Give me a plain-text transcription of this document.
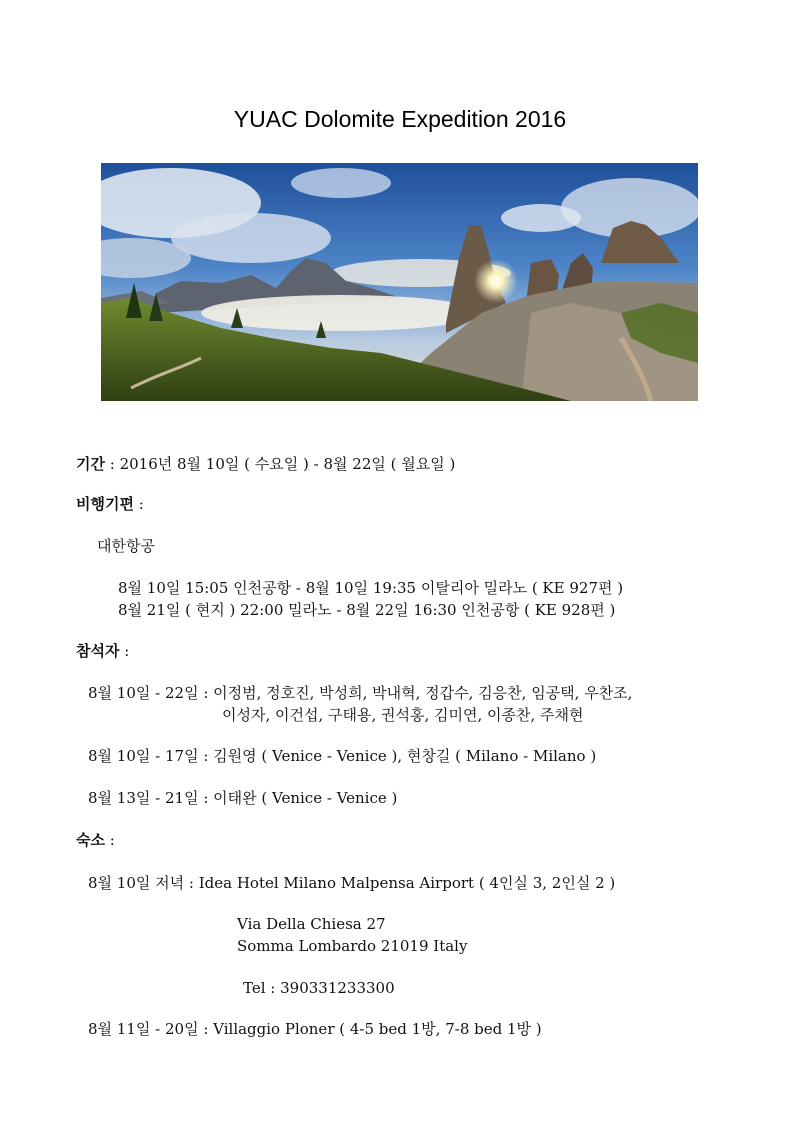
YUAC Dolomite Expedition 2016
기간 : 2016년 8월 10일 ( 수요일 ) - 8월 22일 ( 월요일 )
비행기편 :
대한항공
8월 10일 15:05 인천공항 - 8월 10일 19:35 이탈리아 밀라노 ( KE 927편 )
8월 21일 ( 현지 ) 22:00 밀라노 - 8월 22일 16:30 인천공항 ( KE 928편 )
참석자 :
8월 10일 - 22일 : 이정범, 정호진, 박성희, 박내혁, 정갑수, 김응찬, 임공택, 우찬조,
이성자, 이건섭, 구태용, 권석홍, 김미연, 이종찬, 주채현
8월 10일 - 17일 : 김원영 ( Venice - Venice ), 현창길 ( Milano - Milano )
8월 13일 - 21일 : 이태완 ( Venice - Venice )
숙소 :
8월 10일 저녁 : Idea Hotel Milano Malpensa Airport ( 4인실 3, 2인실 2 )
Via Della Chiesa 27
Somma Lombardo 21019 Italy
Tel : 390331233300
8월 11일 - 20일 : Villaggio Ploner ( 4-5 bed 1방, 7-8 bed 1방 )
